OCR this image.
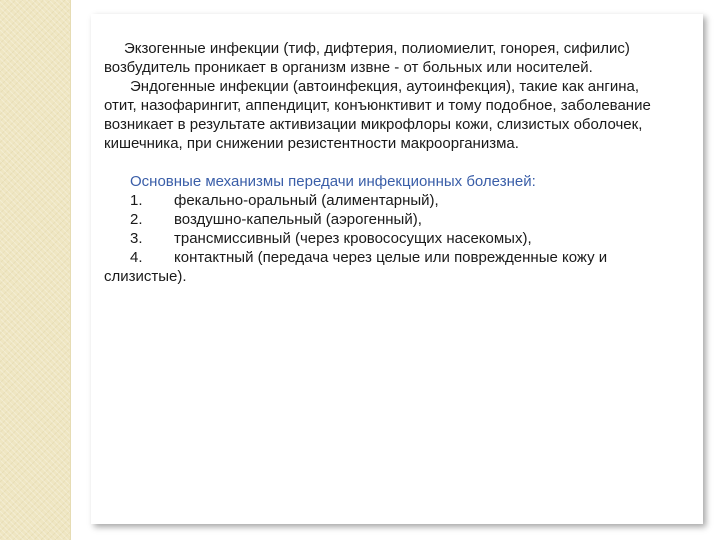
Экзогенные инфекции (тиф, дифтерия, полиомиелит, гонорея, сифилис) возбудитель проникает в организм извне - от больных или носителей.

Эндогенные инфекции (автоинфекция, аутоинфекция), такие как ангина, отит, назофарингит, аппендицит, конъюнктивит и тому подобное, заболевание возникает в результате активизации микрофлоры кожи, слизистых оболочек, кишечника, при снижении резистентности макроорганизма.

Основные механизмы передачи инфекционных болезней:

1. фекально-оральный (алиментарный),
2. воздушно-капельный (аэрогенный),
3. трансмиссивный (через кровососущих насекомых),
4. контактный (передача через целые или поврежденные кожу и

слизистые).
